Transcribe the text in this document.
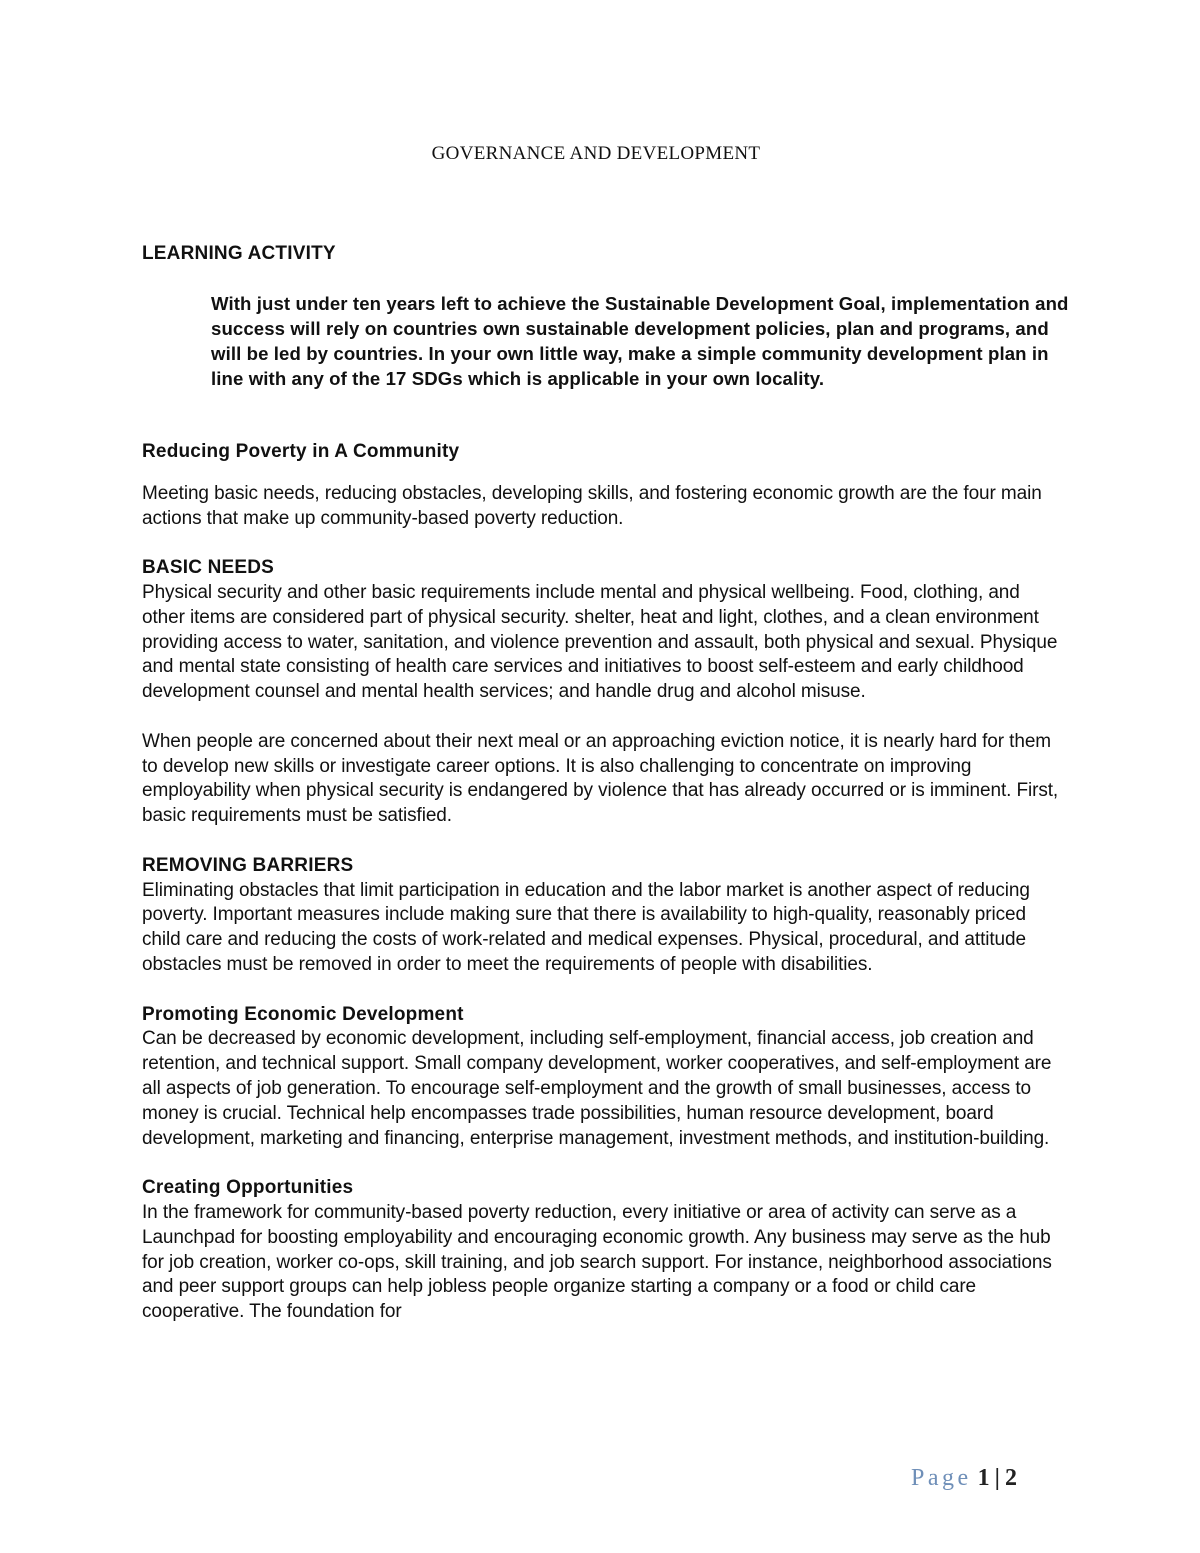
GOVERNANCE AND DEVELOPMENT
LEARNING ACTIVITY

With just under ten years left to achieve the Sustainable Development Goal, implementation and success will rely on countries own sustainable development policies, plan and programs, and will be led by countries. In your own little way, make a simple community development plan in line with any of the 17 SDGs which is applicable in your own locality.

Reducing Poverty in A Community

Meeting basic needs, reducing obstacles, developing skills, and fostering economic growth are the four main actions that make up community-based poverty reduction.

BASIC NEEDS

Physical security and other basic requirements include mental and physical wellbeing. Food, clothing, and other items are considered part of physical security. shelter, heat and light, clothes, and a clean environment providing access to water, sanitation, and violence prevention and assault, both physical and sexual. Physique and mental state consisting of health care services and initiatives to boost self-esteem and early childhood development counsel and mental health services; and handle drug and alcohol misuse.

When people are concerned about their next meal or an approaching eviction notice, it is nearly hard for them to develop new skills or investigate career options. It is also challenging to concentrate on improving employability when physical security is endangered by violence that has already occurred or is imminent. First, basic requirements must be satisfied.

REMOVING BARRIERS

Eliminating obstacles that limit participation in education and the labor market is another aspect of reducing poverty. Important measures include making sure that there is availability to high-quality, reasonably priced child care and reducing the costs of work-related and medical expenses. Physical, procedural, and attitude obstacles must be removed in order to meet the requirements of people with disabilities.

Promoting Economic Development

Can be decreased by economic development, including self-employment, financial access, job creation and retention, and technical support. Small company development, worker cooperatives, and self-employment are all aspects of job generation. To encourage self-employment and the growth of small businesses, access to money is crucial. Technical help encompasses trade possibilities, human resource development, board development, marketing and financing, enterprise management, investment methods, and institution-building.

Creating Opportunities

In the framework for community-based poverty reduction, every initiative or area of activity can serve as a Launchpad for boosting employability and encouraging economic growth. Any business may serve as the hub for job creation, worker co-ops, skill training, and job search support. For instance, neighborhood associations and peer support groups can help jobless people organize starting a company or a food or child care cooperative. The foundation for

Page 1 | 2
